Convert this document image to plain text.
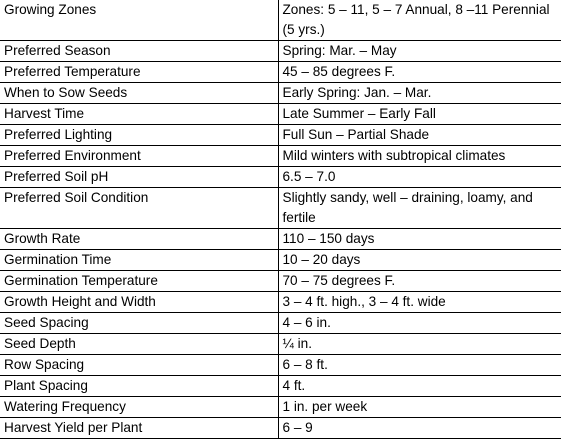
Growing Zones	Zones: 5 – 11, 5 – 7 Annual, 8 –11 Perennial (5 yrs.)
Preferred Season	Spring: Mar. – May
Preferred Temperature	45 – 85 degrees F.
When to Sow Seeds	Early Spring: Jan. – Mar.
Harvest Time	Late Summer – Early Fall
Preferred Lighting	Full Sun – Partial Shade
Preferred Environment	Mild winters with subtropical climates
Preferred Soil pH	6.5 – 7.0
Preferred Soil Condition	Slightly sandy, well – draining, loamy, and fertile
Growth Rate	110 – 150 days
Germination Time	10 – 20 days
Germination Temperature	70 – 75 degrees F.
Growth Height and Width	3 – 4 ft. high., 3 – 4 ft. wide
Seed Spacing	4 – 6 in.
Seed Depth	¼ in.
Row Spacing	6 – 8 ft.
Plant Spacing	4 ft.
Watering Frequency	1 in. per week
Harvest Yield per Plant	6 – 9
